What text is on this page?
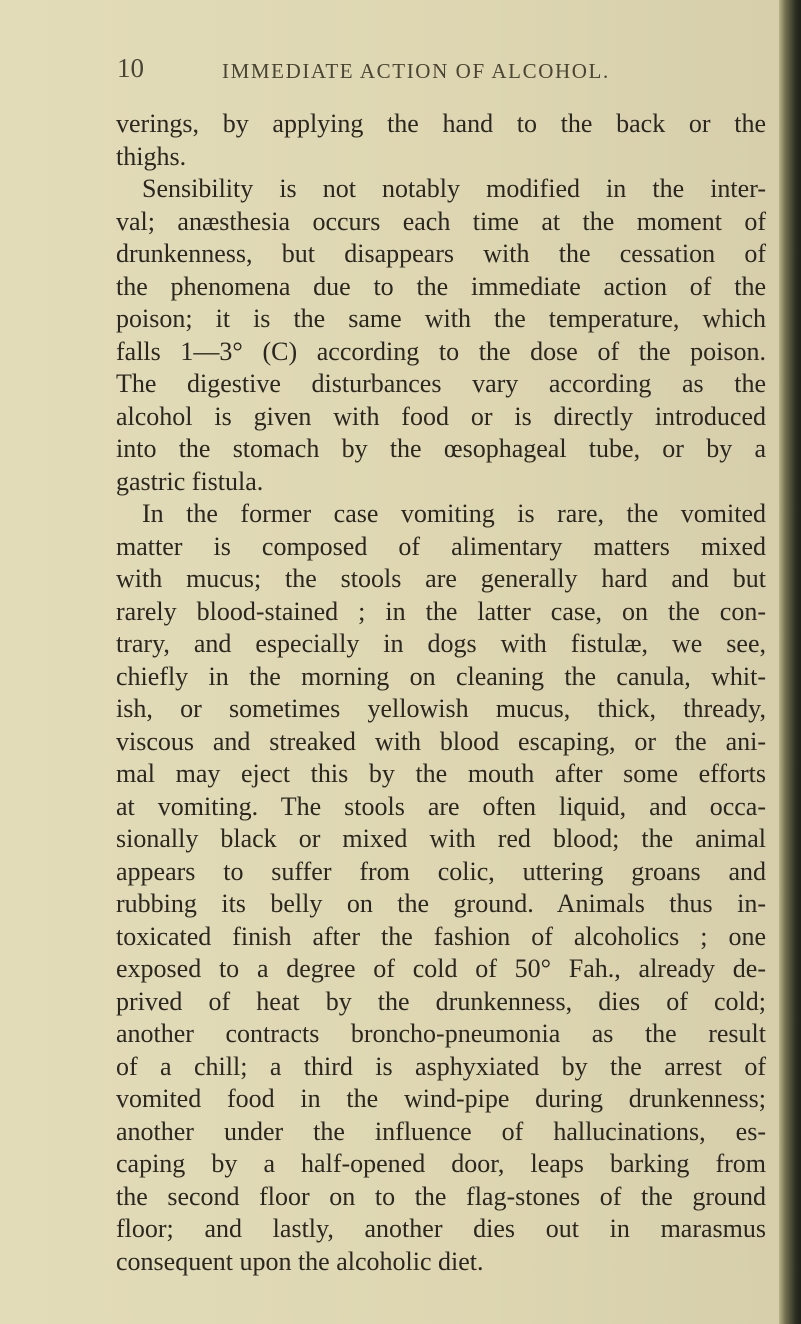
10	IMMEDIATE ACTION OF ALCOHOL.
verings, by applying the hand to the back or the
thighs.
Sensibility is not notably modified in the inter-
val; anæsthesia occurs each time at the moment of
drunkenness, but disappears with the cessation of
the phenomena due to the immediate action of the
poison; it is the same with the temperature, which
falls 1—3° (C) according to the dose of the poison.
The digestive disturbances vary according as the
alcohol is given with food or is directly introduced
into the stomach by the œsophageal tube, or by a
gastric fistula.
In the former case vomiting is rare, the vomited
matter is composed of alimentary matters mixed
with mucus; the stools are generally hard and but
rarely blood-stained ; in the latter case, on the con-
trary, and especially in dogs with fistulæ, we see,
chiefly in the morning on cleaning the canula, whit-
ish, or sometimes yellowish mucus, thick, thready,
viscous and streaked with blood escaping, or the ani-
mal may eject this by the mouth after some efforts
at vomiting. The stools are often liquid, and occa-
sionally black or mixed with red blood; the animal
appears to suffer from colic, uttering groans and
rubbing its belly on the ground. Animals thus in-
toxicated finish after the fashion of alcoholics ; one
exposed to a degree of cold of 50° Fah., already de-
prived of heat by the drunkenness, dies of cold;
another contracts broncho-pneumonia as the result
of a chill; a third is asphyxiated by the arrest of
vomited food in the wind-pipe during drunkenness;
another under the influence of hallucinations, es-
caping by a half-opened door, leaps barking from
the second floor on to the flag-stones of the ground
floor; and lastly, another dies out in marasmus
consequent upon the alcoholic diet.
